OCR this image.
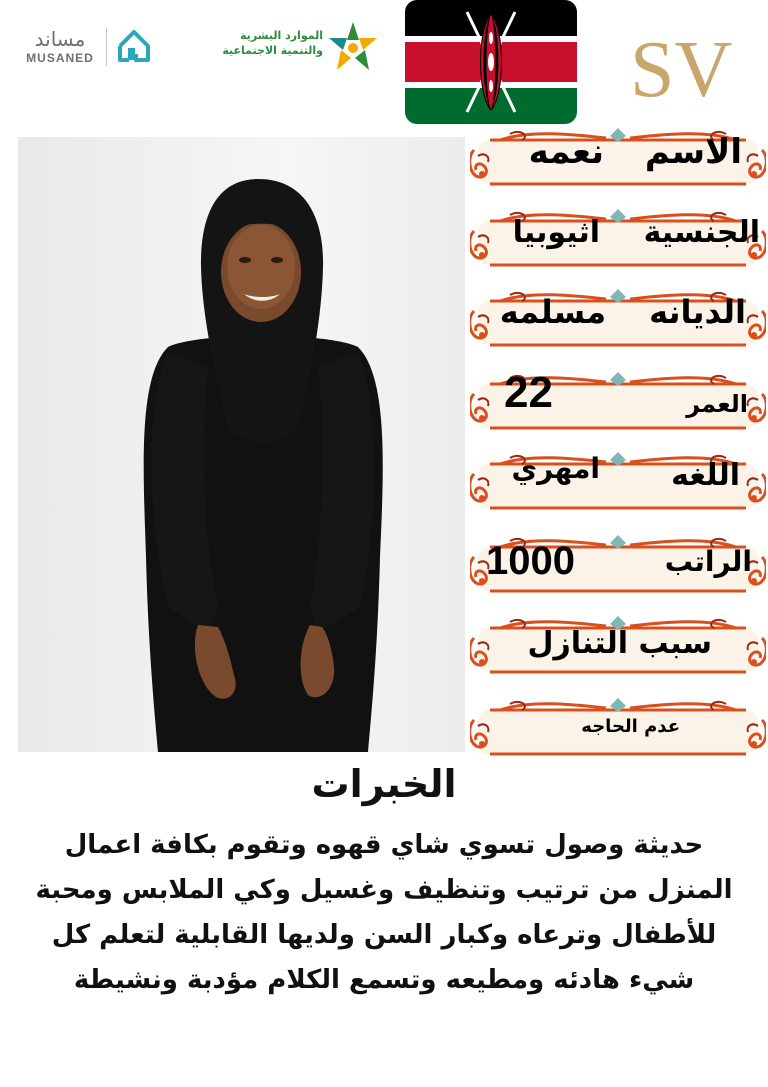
مساند
MUSANED
الموارد البشرية
والتنمية الاجتماعية	SV
الاسم
نعمه
الجنسية
اثيوبيا
الديانه
مسلمه
العمر
22
اللغه
امهري
الراتب
1000
سبب التنازل
عدم الحاجه
الخبرات
حديثة وصول تسوي شاي قهوه وتقوم بكافة اعمال
المنزل من ترتيب وتنظيف وغسيل وكي الملابس ومحبة
للأطفال وترعاه وكبار السن ولديها القابلية لتعلم كل
شيء هادئه ومطيعه وتسمع الكلام مؤدبة ونشيطة
